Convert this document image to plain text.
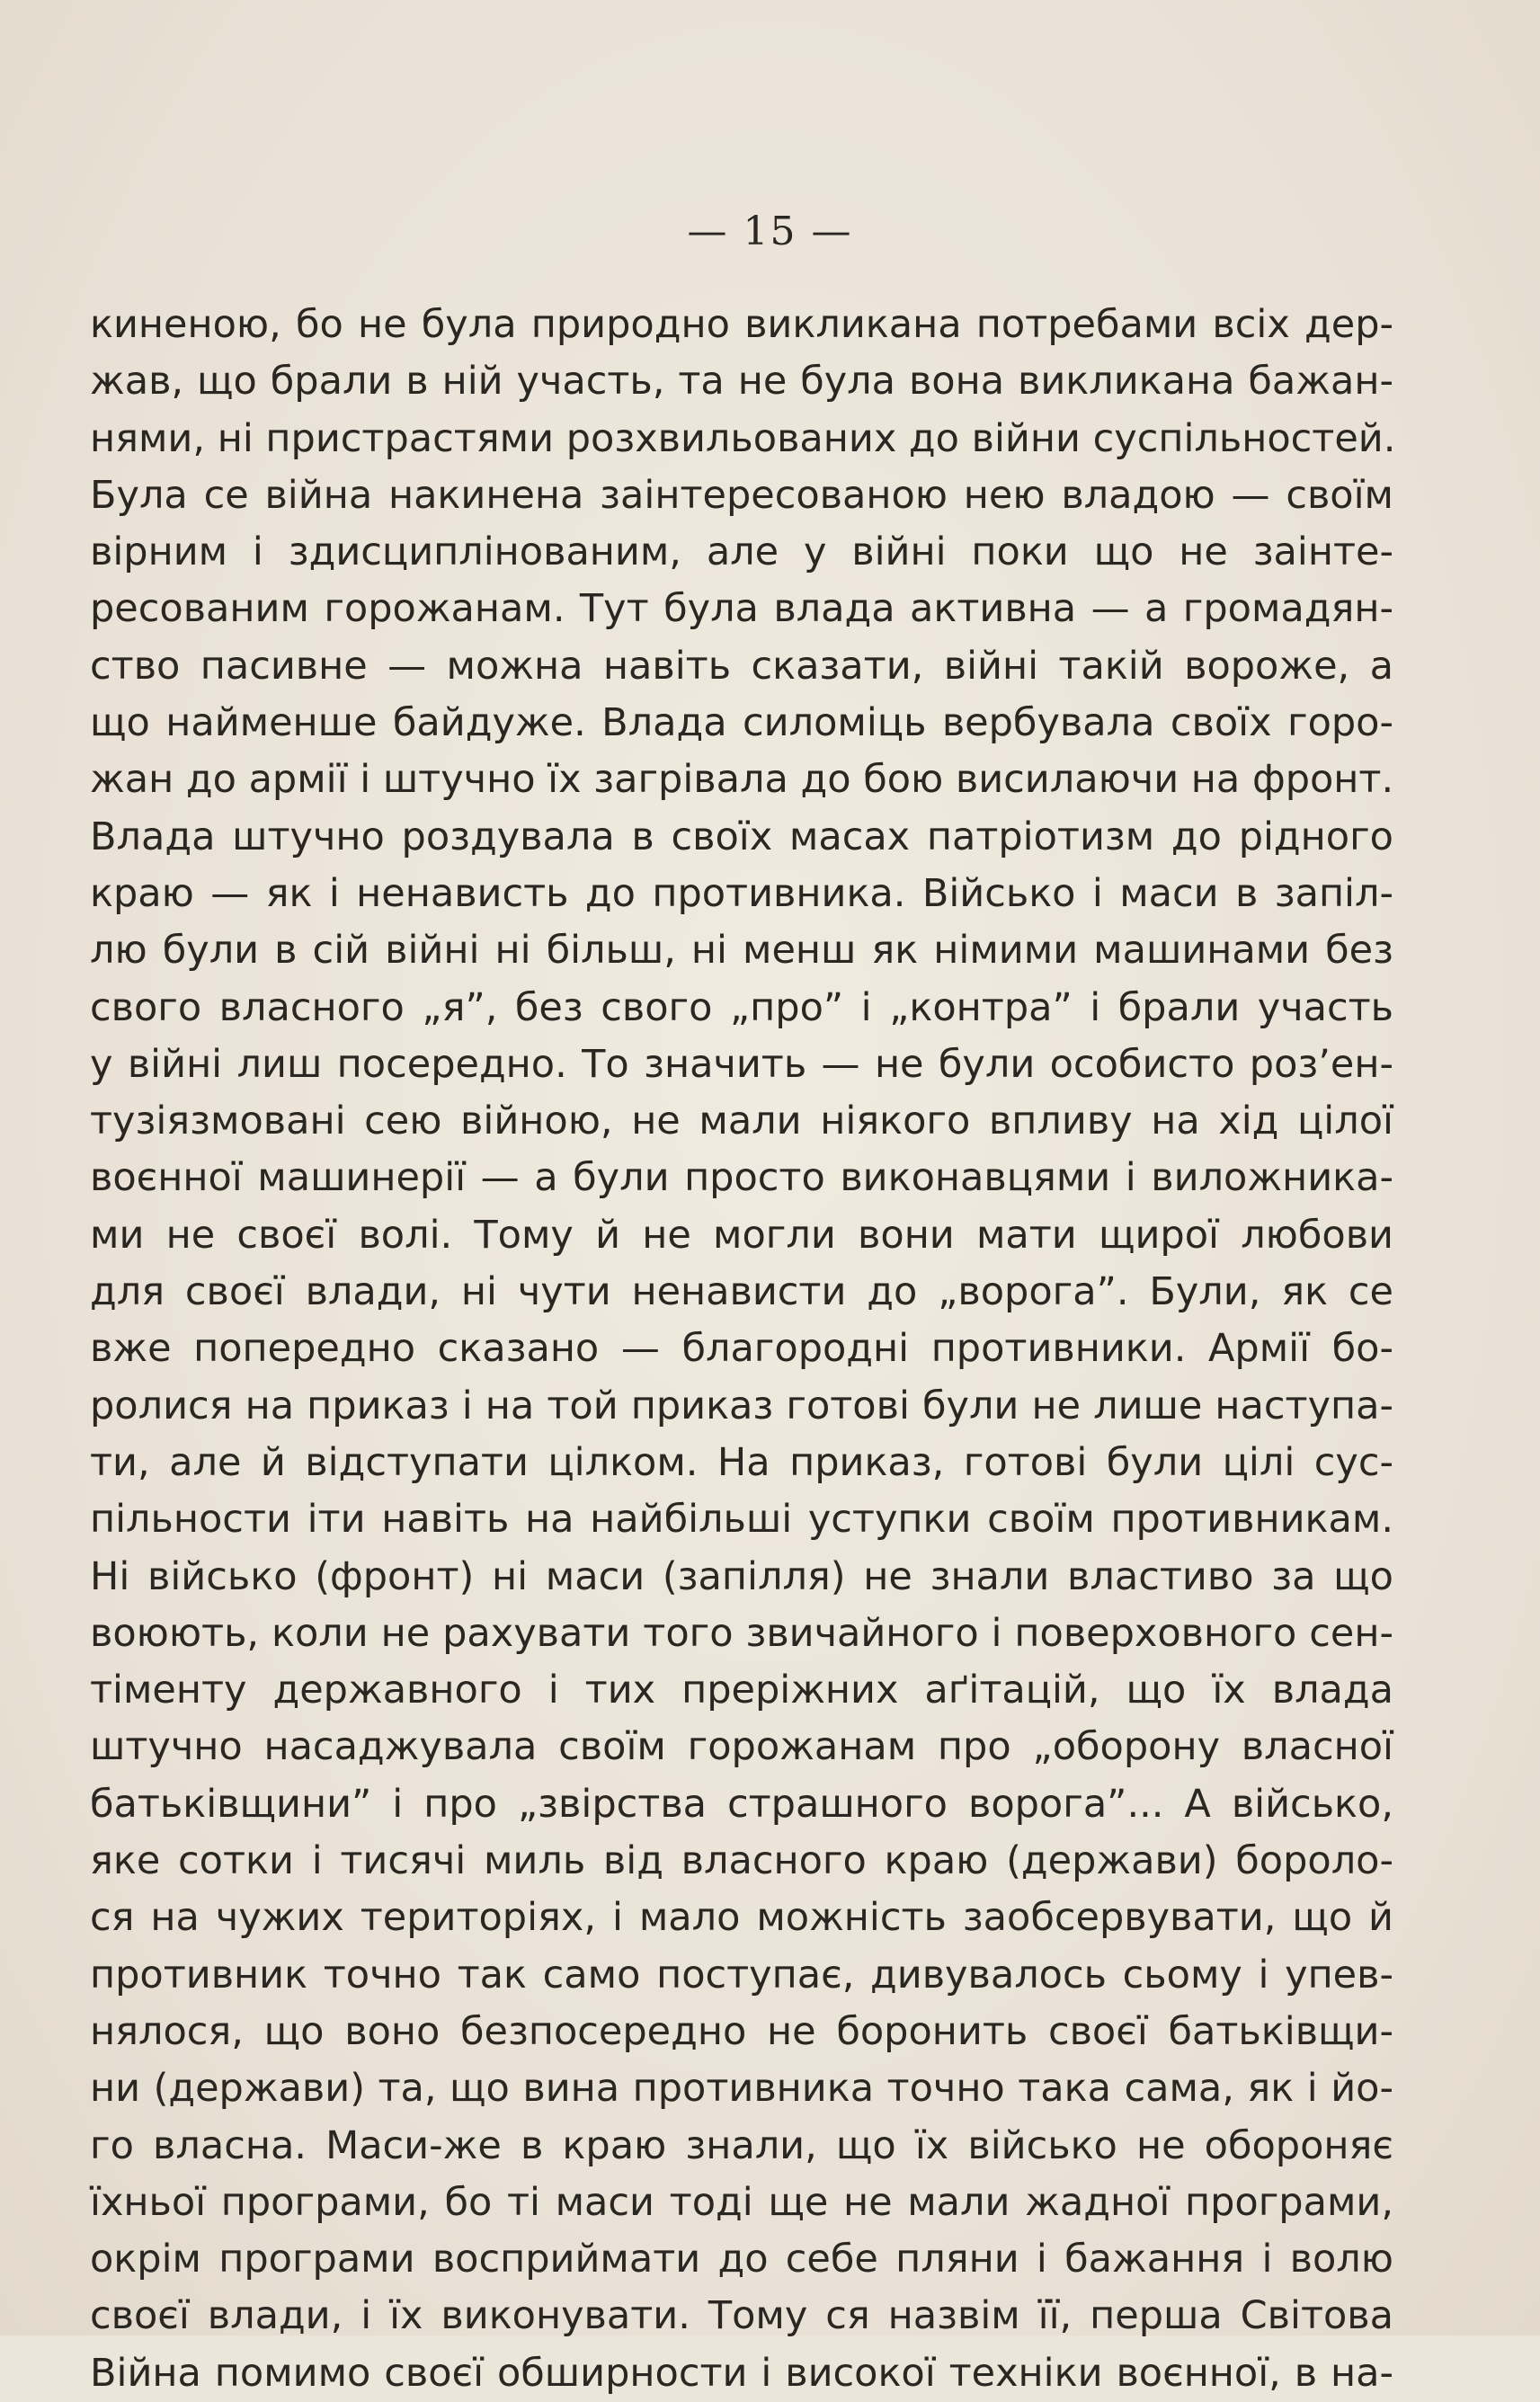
— 15 —
киненою, бо не була природно викликана потребами всіх дер-
жав, що брали в ній участь, та не була вона викликана бажан-
нями, ні пристрастями розхвильованих до війни суспільностей.
Була се війна накинена заінтересованою нею владою — своїм
вірним і здисциплінованим, але у війні поки що не заінте-
ресованим горожанам. Тут була влада активна — а громадян-
ство пасивне — можна навіть сказати, війні такій вороже, а
що найменше байдуже. Влада силоміць вербувала своїх горо-
жан до армії і штучно їх загрівала до бою висилаючи на фронт.
Влада штучно роздувала в своїх масах патріотизм до рідного
краю — як і ненависть до противника. Військо і маси в запіл-
лю були в сій війні ні більш, ні менш як німими машинами без
свого власного „я”, без свого „про” і „контра” і брали участь
у війні лиш посередно. То значить — не були особисто роз’ен-
тузіязмовані сею війною, не мали ніякого впливу на хід цілої
воєнної машинерії — а були просто виконавцями і виложника-
ми не своєї волі. Тому й не могли вони мати щирої любови
для своєї влади, ні чути ненависти до „ворога”. Були, як се
вже попередно сказано — благородні противники. Армії бо-
ролися на приказ і на той приказ готові були не лише наступа-
ти, але й відступати цілком. На приказ, готові були цілі сус-
пільности іти навіть на найбільші уступки своїм противникам.
Ні військо (фронт) ні маси (запілля) не знали властиво за що
воюють, коли не рахувати того звичайного і поверховного сен-
тіменту державного і тих преріжних аґітацій, що їх влада
штучно насаджувала своїм горожанам про „оборону власної
батьківщини” і про „звірства страшного ворога”... А військо,
яке сотки і тисячі миль від власного краю (держави) бороло-
ся на чужих територіях, і мало можність заобсервувати, що й
противник точно так само поступає, дивувалось сьому і упев-
нялося, що воно безпосередно не боронить своєї батьківщи-
ни (держави) та, що вина противника точно така сама, як і йо-
го власна. Маси-же в краю знали, що їх військо не обороняє
їхньої програми, бо ті маси тоді ще не мали жадної програми,
окрім програми восприймати до себе пляни і бажання і волю
своєї влади, і їх виконувати. Тому ся назвім її, перша Світова
Війна помимо своєї обширности і високої техніки воєнної, в на-
